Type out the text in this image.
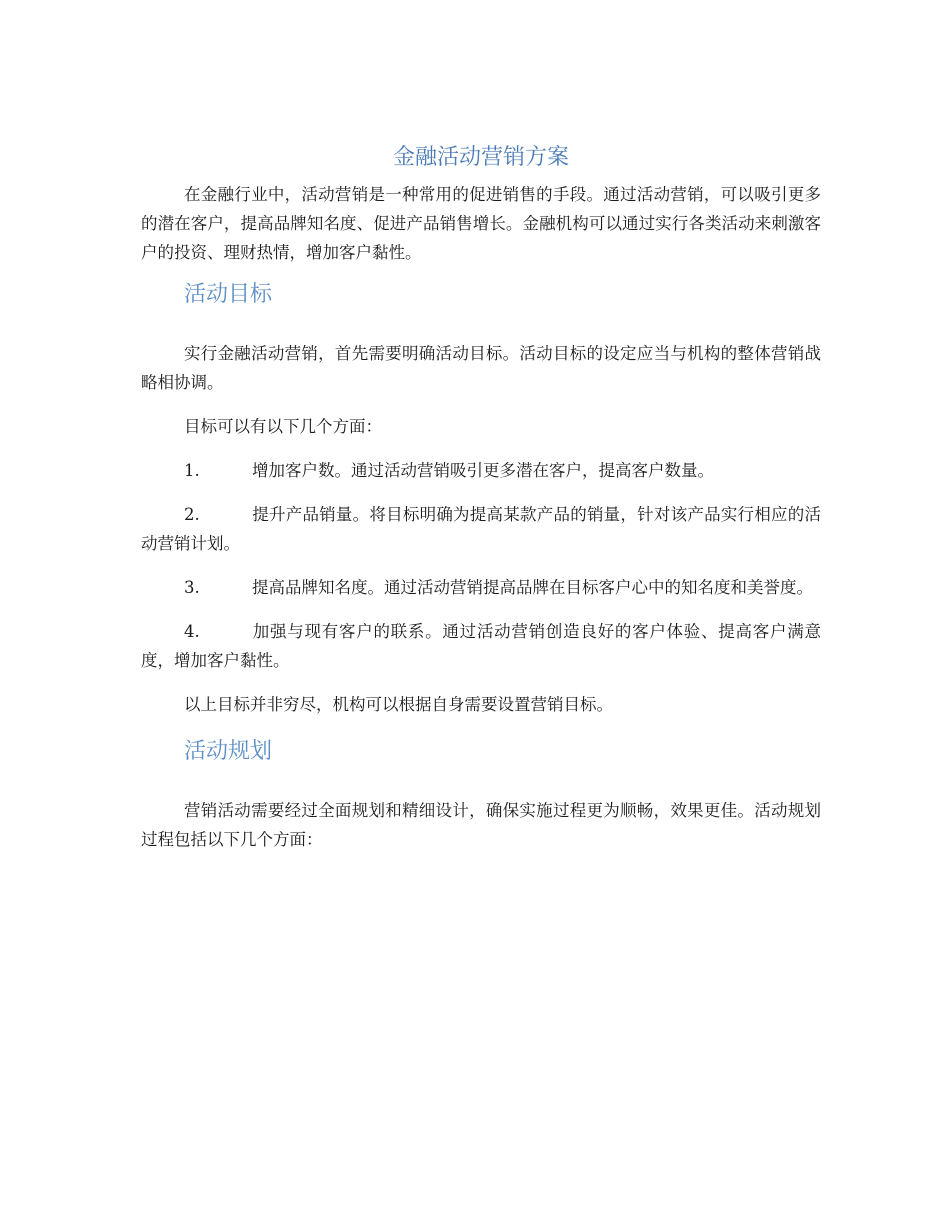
金融活动营销方案

在金融行业中，活动营销是一种常用的促进销售的手段。通过活动营销，可以吸引更多的潜在客户，提高品牌知名度、促进产品销售增长。金融机构可以通过实行各类活动来刺激客户的投资、理财热情，增加客户黏性。

活动目标

实行金融活动营销，首先需要明确活动目标。活动目标的设定应当与机构的整体营销战略相协调。

目标可以有以下几个方面：

1.	增加客户数。通过活动营销吸引更多潜在客户，提高客户数量。

2.	提升产品销量。将目标明确为提高某款产品的销量，针对该产品实行相应的活动营销计划。

3.	提高品牌知名度。通过活动营销提高品牌在目标客户心中的知名度和美誉度。

4.	加强与现有客户的联系。通过活动营销创造良好的客户体验、提高客户满意度，增加客户黏性。

以上目标并非穷尽，机构可以根据自身需要设置营销目标。

活动规划

营销活动需要经过全面规划和精细设计，确保实施过程更为顺畅，效果更佳。活动规划过程包括以下几个方面：
